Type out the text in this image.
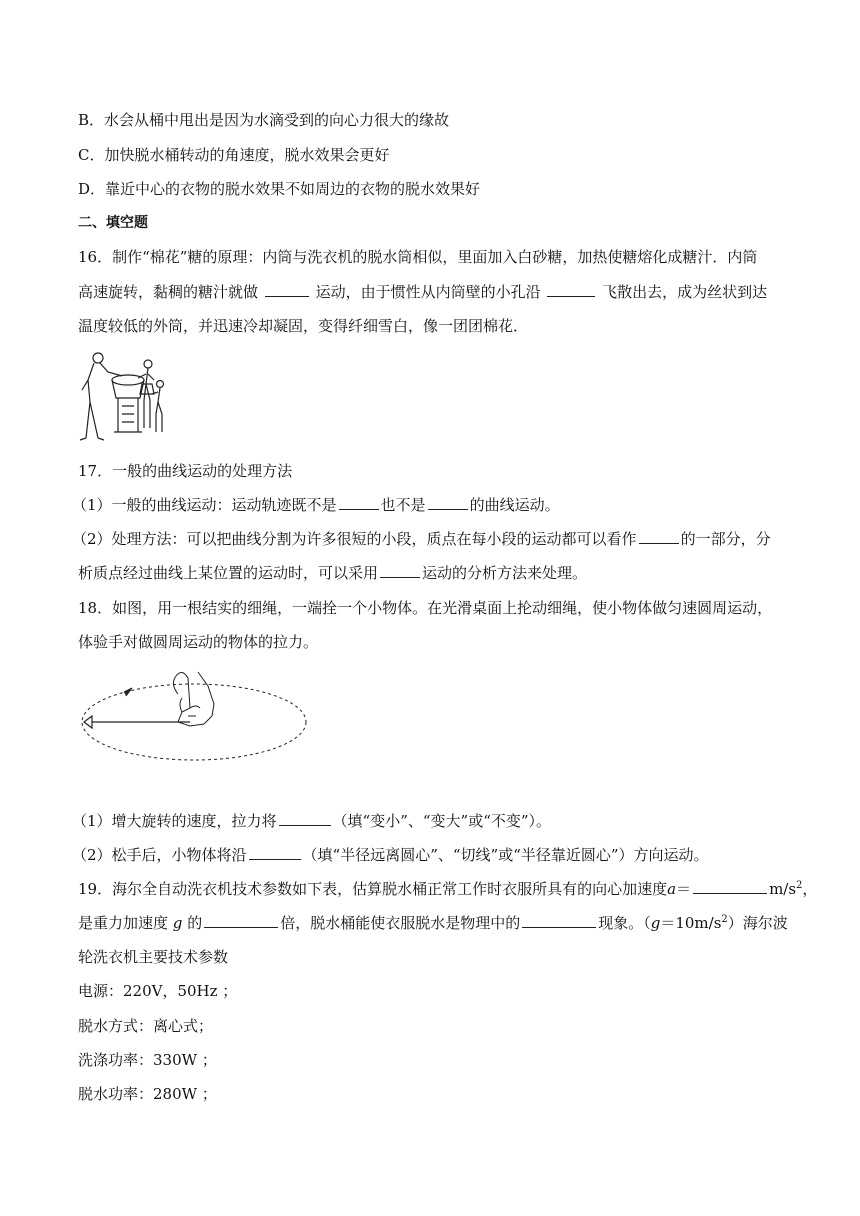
B．水会从桶中甩出是因为水滴受到的向心力很大的缘故
C．加快脱水桶转动的角速度，脱水效果会更好
D．靠近中心的衣物的脱水效果不如周边的衣物的脱水效果好
二、填空题
16．制作“棉花”糖的原理：内筒与洗衣机的脱水筒相似，里面加入白砂糖，加热使糖熔化成糖汁．内筒
高速旋转，黏稠的糖汁就做	运动，由于惯性从内筒壁的小孔沿	飞散出去，成为丝状到达
温度较低的外筒，并迅速冷却凝固，变得纤细雪白，像一团团棉花．
17．一般的曲线运动的处理方法
（1）一般的曲线运动：运动轨迹既不是	也不是	的曲线运动。
（2）处理方法：可以把曲线分割为许多很短的小段，质点在每小段的运动都可以看作	的一部分，分
析质点经过曲线上某位置的运动时，可以采用	运动的分析方法来处理。
18．如图，用一根结实的细绳，一端拴一个小物体。在光滑桌面上抡动细绳，使小物体做匀速圆周运动，
体验手对做圆周运动的物体的拉力。
（1）增大旋转的速度，拉力将	（填“变小”、“变大”或“不变”）。
（2）松手后，小物体将沿	（填“半径远离圆心”、“切线”或“半径靠近圆心”）方向运动。
19．海尔全自动洗衣机技术参数如下表，估算脱水桶正常工作时衣服所具有的向心加速度a＝	$m/s^2$，
是重力加速度 g 的	倍，脱水桶能使衣服脱水是物理中的	现象。$(g=10m/s^2)$海尔波
轮洗衣机主要技术参数
电源：220V，50Hz ；
脱水方式：离心式；
洗涤功率：330W ；
脱水功率：280W ；
